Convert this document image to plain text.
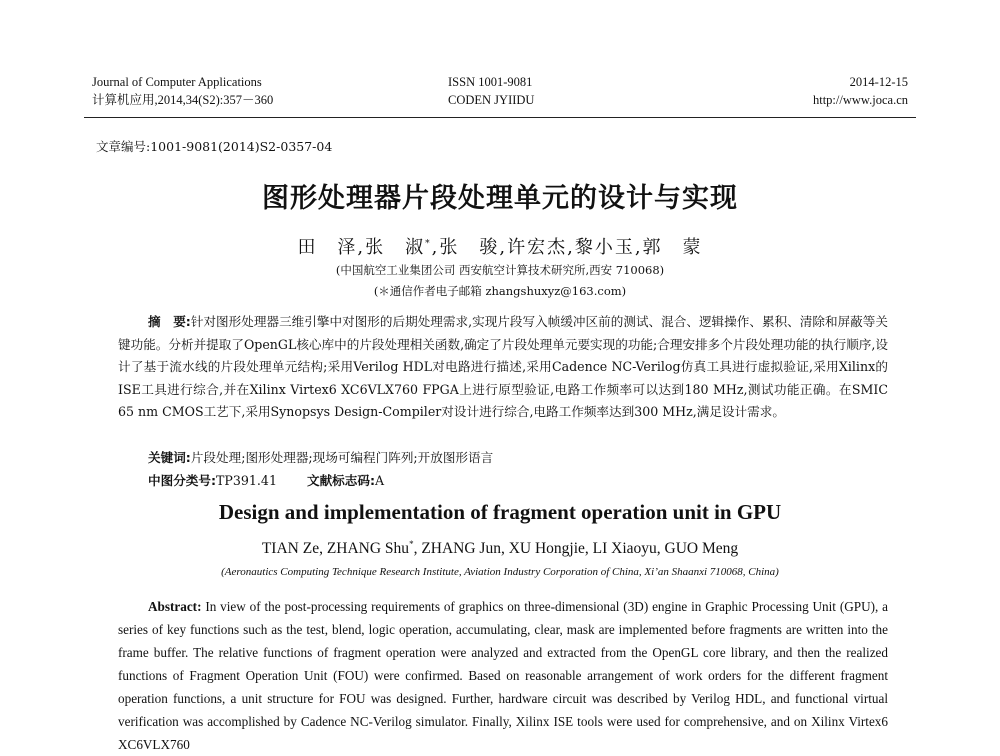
Journal of Computer Applications
计算机应用,2014,34(S2):357－360
ISSN 1001-9081
CODEN JYIIDU
2014-12-15
http://www.joca.cn
文章编号:1001-9081(2014)S2-0357-04
图形处理器片段处理单元的设计与实现
田　泽,张　淑*,张　骏,许宏杰,黎小玉,郭　蒙
(中国航空工业集团公司 西安航空计算技术研究所,西安 710068)
(＊通信作者电子邮箱 zhangshuxyz@163.com)
摘　要:针对图形处理器三维引擎中对图形的后期处理需求,实现片段写入帧缓冲区前的测试、混合、逻辑操作、累积、清除和屏蔽等关键功能。分析并提取了OpenGL核心库中的片段处理相关函数,确定了片段处理单元要实现的功能;合理安排多个片段处理功能的执行顺序,设计了基于流水线的片段处理单元结构;采用Verilog HDL对电路进行描述,采用Cadence NC-Verilog仿真工具进行虚拟验证,采用Xilinx的ISE工具进行综合,并在Xilinx Virtex6 XC6VLX760 FPGA上进行原型验证,电路工作频率可以达到180 MHz,测试功能正确。在SMIC 65 nm CMOS工艺下,采用Synopsys Design-Compiler对设计进行综合,电路工作频率达到300 MHz,满足设计需求。
关键词:片段处理;图形处理器;现场可编程门阵列;开放图形语言
中图分类号:TP391.41 文献标志码:A
Design and implementation of fragment operation unit in GPU
TIAN Ze, ZHANG Shu*, ZHANG Jun, XU Hongjie, LI Xiaoyu, GUO Meng
(Aeronautics Computing Technique Research Institute, Aviation Industry Corporation of China, Xi’an Shaanxi 710068, China)
Abstract: In view of the post-processing requirements of graphics on three-dimensional (3D) engine in Graphic Processing Unit (GPU), a series of key functions such as the test, blend, logic operation, accumulating, clear, mask are implemented before fragments are written into the frame buffer. The relative functions of fragment operation were analyzed and extracted from the OpenGL core library, and then the realized functions of Fragment Operation Unit (FOU) were confirmed. Based on reasonable arrangement of work orders for the different fragment operation functions, a unit structure for FOU was designed. Further, hardware circuit was described by Verilog HDL, and functional virtual verification was accomplished by Cadence NC-Verilog simulator. Finally, Xilinx ISE tools were used for comprehensive, and on Xilinx Virtex6 XC6VLX760
